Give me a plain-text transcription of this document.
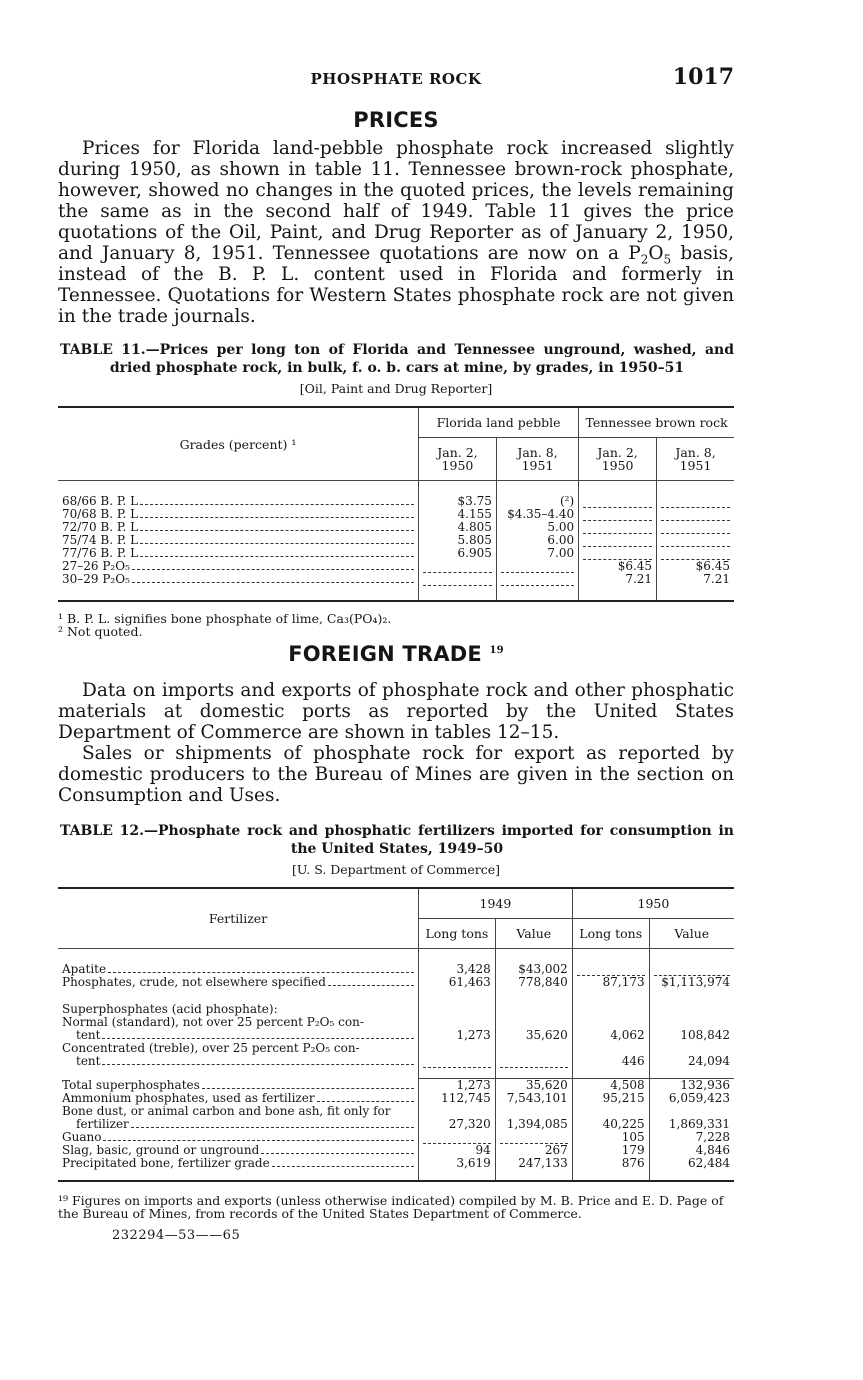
PHOSPHATE ROCK	1017
PRICES

Prices for Florida land-pebble phosphate rock increased slightly during 1950, as shown in table 11. Tennessee brown-rock phosphate, however, showed no changes in the quoted prices, the levels remaining the same as in the second half of 1949. Table 11 gives the price quotations of the Oil, Paint, and Drug Reporter as of January 2, 1950, and January 8, 1951. Tennessee quotations are now on a $P_2O_5$ basis, instead of the B. P. L. content used in Florida and formerly in Tennessee. Quotations for Western States phosphate rock are not given in the trade journals.

TABLE 11.—Prices per long ton of Florida and Tennessee unground, washed, and dried phosphate rock, in bulk, f. o. b. cars at mine, by grades, in 1950–51
[Oil, Paint and Drug Reporter]
Grades (percent) ¹	Florida land pebble		Tennessee brown rock	
	Jan. 2, 1950	Jan. 8, 1951	Jan. 2, 1950	Jan. 8, 1951

68/66 B. P. L	$3.75	(²)	

70/68 B. P. L	4.155	$4.35–4.40	

72/70 B. P. L	4.805	5.00	

75/74 B. P. L	5.805	6.00	

77/76 B. P. L	6.905	7.00	

27–26 P₂O₅			$6.45	$6.45

30–29 P₂O₅			7.21	7.21

¹ B. P. L. signifies bone phosphate of lime, Ca₃(PO₄)₂.

² Not quoted.

FOREIGN TRADE $^{19}$

Data on imports and exports of phosphate rock and other phosphatic materials at domestic ports as reported by the United States Department of Commerce are shown in tables 12–15.

Sales or shipments of phosphate rock for export as reported by domestic producers to the Bureau of Mines are given in the section on Consumption and Uses.

TABLE 12.—Phosphate rock and phosphatic fertilizers imported for consumption in the United States, 1949–50
[U. S. Department of Commerce]
Fertilizer	1949		1950	
	Long tons	Value	Long tons	Value

Apatite	3,428	$43,002	

Phosphates, crude, not elsewhere specified	61,463	778,840	87,173	$1,113,974

Superphosphates (acid phosphate):				

Normal (standard), not over 25 percent P₂O₅ con-
tent	1,273	35,620	4,062	108,842

Concentrated (treble), over 25 percent P₂O₅ con-
tent			446	24,094

Total superphosphates	1,273	35,620	4,508	132,936

Ammonium phosphates, used as fertilizer	112,745	7,543,101	95,215	6,059,423

Bone dust, or animal carbon and bone ash, fit only for
fertilizer	27,320	1,394,085	40,225	1,869,331

Guano			105	7,228

Slag, basic, ground or unground	94	267	179	4,846

Precipitated bone, fertilizer grade	3,619	247,133	876	62,484

¹⁹ Figures on imports and exports (unless otherwise indicated) compiled by M. B. Price and E. D. Page of the Bureau of Mines, from records of the United States Department of Commerce.

232294—53——65
